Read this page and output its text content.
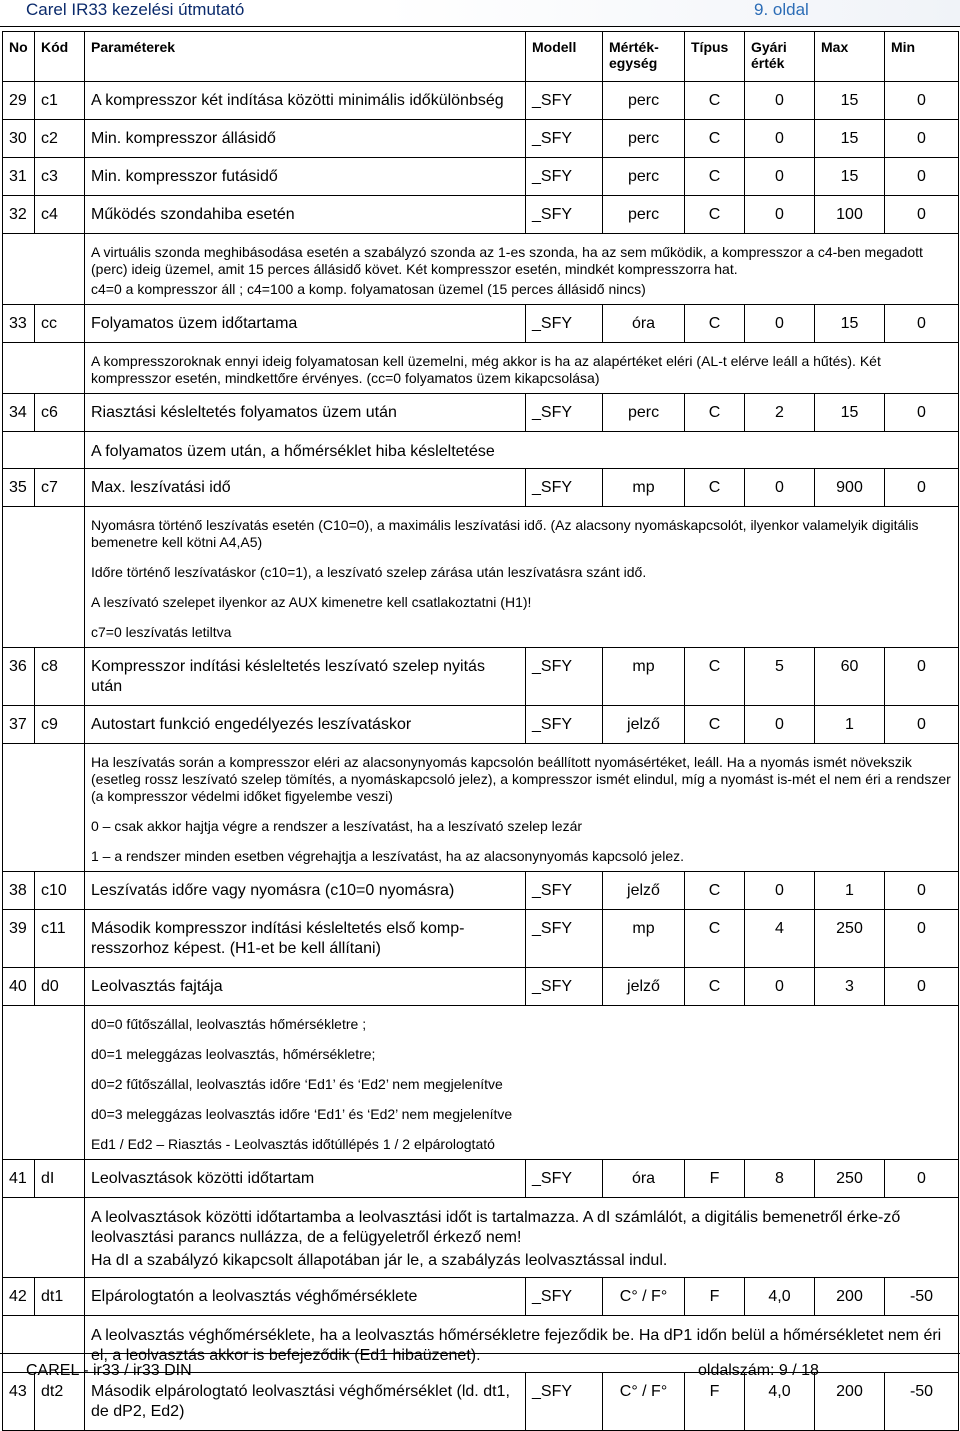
Carel IR33 kezelési útmutató	9. oldal
No	Kód	Paraméterek	Modell	Mérték-egység	Típus	Gyári érték	Max	Min
29	c1	A kompresszor két indítása közötti minimális időkülönbség	_SFY	perc	C	0	15	0
30	c2	Min. kompresszor állásidő	_SFY	perc	C	0	15	0
31	c3	Min. kompresszor futásidő	_SFY	perc	C	0	15	0
32	c4	Működés szondahiba esetén	_SFY	perc	C	0	100	0

		A virtuális szonda meghibásodása esetén a szabályzó szonda az 1-es szonda, ha az sem működik, a kompresszor a c4-ben megadott (perc) ideig üzemel, amit 15 perces állásidő követ. Két kompresszor esetén, mindkét kompresszorra hat.

c4=0 a kompresszor áll ; c4=100 a komp. folyamatosan üzemel (15 perces állásidő nincs)						

33	cc	Folyamatos üzem időtartama	_SFY	óra	C	0	15	0

		A kompresszoroknak ennyi ideig folyamatosan kell üzemelni, még akkor is ha az alapértéket eléri (AL-t elérve leáll a hűtés). Két kompresszor esetén, mindkettőre érvényes. (cc=0 folyamatos üzem kikapcsolása)						

34	c6	Riasztási késleltetés folyamatos üzem után	_SFY	perc	C	2	15	0

		A folyamatos üzem után, a hőmérséklet hiba késleltetése						

35	c7	Max. leszívatási idő	_SFY	mp	C	0	900	0

		Nyomásra történő leszívatás esetén (C10=0), a maximális leszívatási idő. (Az alacsony nyomáskapcsolót, ilyenkor valamelyik digitális bemenetre kell kötni A4,A5)

Időre történő leszívatáskor (c10=1), a leszívató szelep zárása után leszívatásra szánt idő.

A leszívató szelepet ilyenkor az AUX kimenetre kell csatlakoztatni (H1)!

c7=0 leszívatás letiltva						

36	c8	Kompresszor indítási késleltetés leszívató szelep nyitás után	_SFY	mp	C	5	60	0
37	c9	Autostart funkció engedélyezés leszívatáskor	_SFY	jelző	C	0	1	0

		Ha leszívatás során a kompresszor eléri az alacsonynyomás kapcsolón beállított nyomásértéket, leáll. Ha a nyomás ismét növekszik (esetleg rossz leszívató szelep tömítés, a nyomáskapcsoló jelez), a kompresszor ismét elindul, míg a nyomást is-mét el nem éri a rendszer (a kompresszor védelmi időket figyelembe veszi)

0 – csak akkor hajtja végre a rendszer a leszívatást, ha a leszívató szelep lezár

1 – a rendszer minden esetben végrehajtja a leszívatást, ha az alacsonynyomás kapcsoló jelez.						

38	c10	Leszívatás időre vagy nyomásra (c10=0 nyomásra)	_SFY	jelző	C	0	1	0
39	c11	Második kompresszor indítási késleltetés első komp-resszorhoz képest. (H1-et be kell állítani)	_SFY	mp	C	4	250	0
40	d0	Leolvasztás fajtája	_SFY	jelző	C	0	3	0

		d0=0 fűtőszállal, leolvasztás hőmérsékletre ;

d0=1 meleggázas leolvasztás, hőmérsékletre;

d0=2 fűtőszállal, leolvasztás időre ‘Ed1’ és ‘Ed2’ nem megjelenítve

d0=3 meleggázas leolvasztás időre ‘Ed1’ és ‘Ed2’ nem megjelenítve

Ed1 / Ed2 – Riasztás - Leolvasztás időtúllépés 1 / 2 elpárologtató						

41	dI	Leolvasztások közötti időtartam	_SFY	óra	F	8	250	0

		A leolvasztások közötti időtartamba a leolvasztási időt is tartalmazza. A dI számlálót, a digitális bemenetről érke-ző leolvasztási parancs nullázza, de a felügyeletről érkező nem!

Ha dI a szabályzó kikapcsolt állapotában jár le, a szabályzás leolvasztással indul.						

42	dt1	Elpárologtatón a leolvasztás véghőmérséklete	_SFY	C° / F°	F	4,0	200	-50

		A leolvasztás véghőmérséklete, ha a leolvasztás hőmérsékletre fejeződik be. Ha dP1 időn belül a hőmérsékletet nem éri el, a leolvasztás akkor is befejeződik (Ed1 hibaüzenet).						

43	dt2	Második elpárologtató leolvasztási véghőmérséklet (ld. dt1, de dP2, Ed2)	_SFY	C° / F°	F	4,0	200	-50
CAREL - ir33 / ir33 DIN	oldalszám: 9 / 18
